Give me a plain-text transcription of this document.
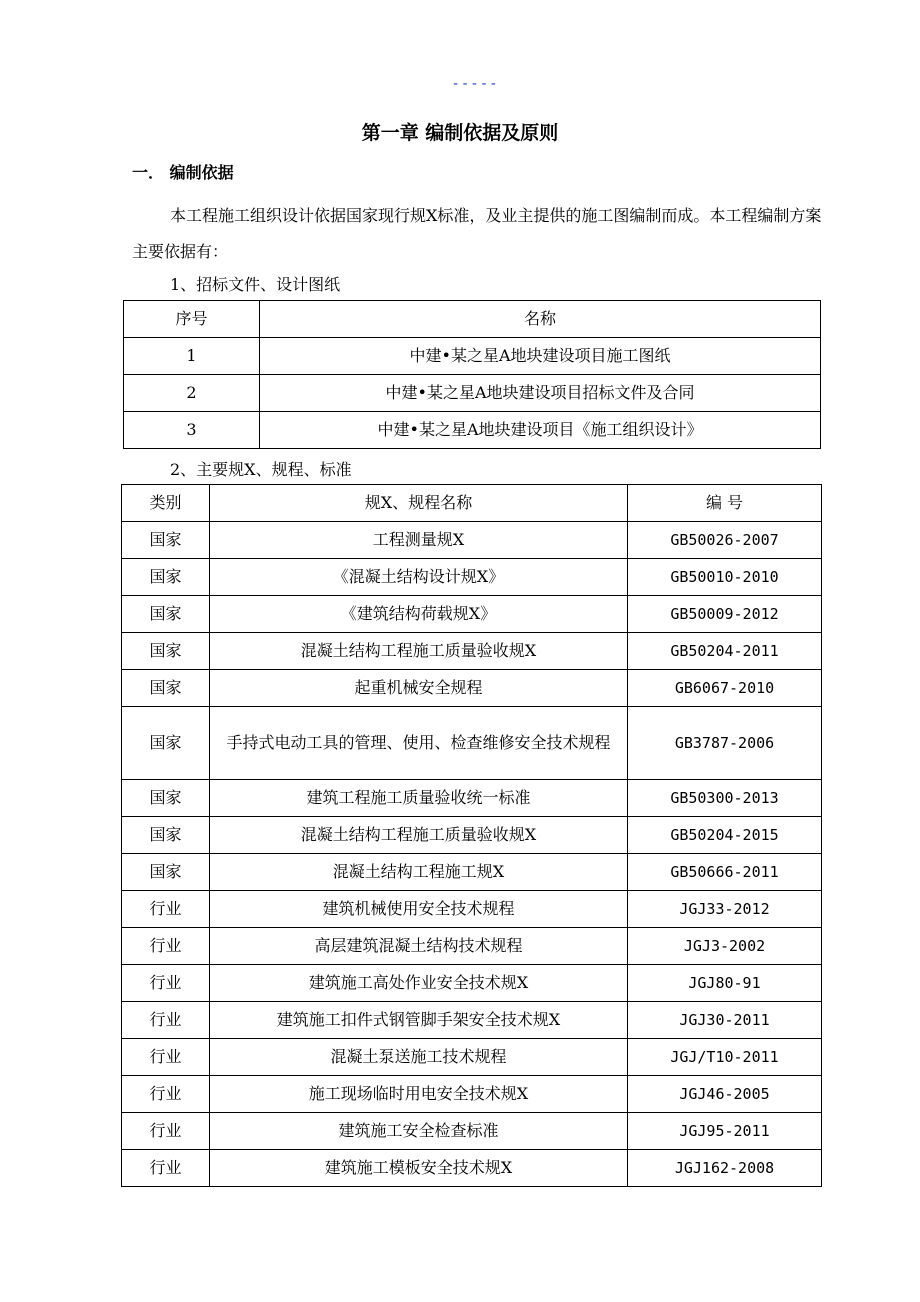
-----
第一章 编制依据及原则
一． 编制依据
本工程施工组织设计依据国家现行规X标准，及业主提供的施工图编制而成。本工程编制方案主要依据有：
1、招标文件、设计图纸
序号	名称
1	中建•某之星A地块建设项目施工图纸
2	中建•某之星A地块建设项目招标文件及合同
3	中建•某之星A地块建设项目《施工组织设计》
2、主要规X、规程、标准
类别	规X、规程名称	编 号
国家	工程测量规X	GB50026-2007
国家	《混凝土结构设计规X》	GB50010-2010
国家	《建筑结构荷载规X》	GB50009-2012
国家	混凝土结构工程施工质量验收规X	GB50204-2011
国家	起重机械安全规程	GB6067-2010
国家	手持式电动工具的管理、使用、检查维修安全技术规程	GB3787-2006
国家	建筑工程施工质量验收统一标准	GB50300-2013
国家	混凝土结构工程施工质量验收规X	GB50204-2015
国家	混凝土结构工程施工规X	GB50666-2011
行业	建筑机械使用安全技术规程	JGJ33-2012
行业	高层建筑混凝土结构技术规程	JGJ3-2002
行业	建筑施工高处作业安全技术规X	JGJ80-91
行业	建筑施工扣件式钢管脚手架安全技术规X	JGJ30-2011
行业	混凝土泵送施工技术规程	JGJ/T10-2011
行业	施工现场临时用电安全技术规X	JGJ46-2005
行业	建筑施工安全检查标准	JGJ95-2011
行业	建筑施工模板安全技术规X	JGJ162-2008
